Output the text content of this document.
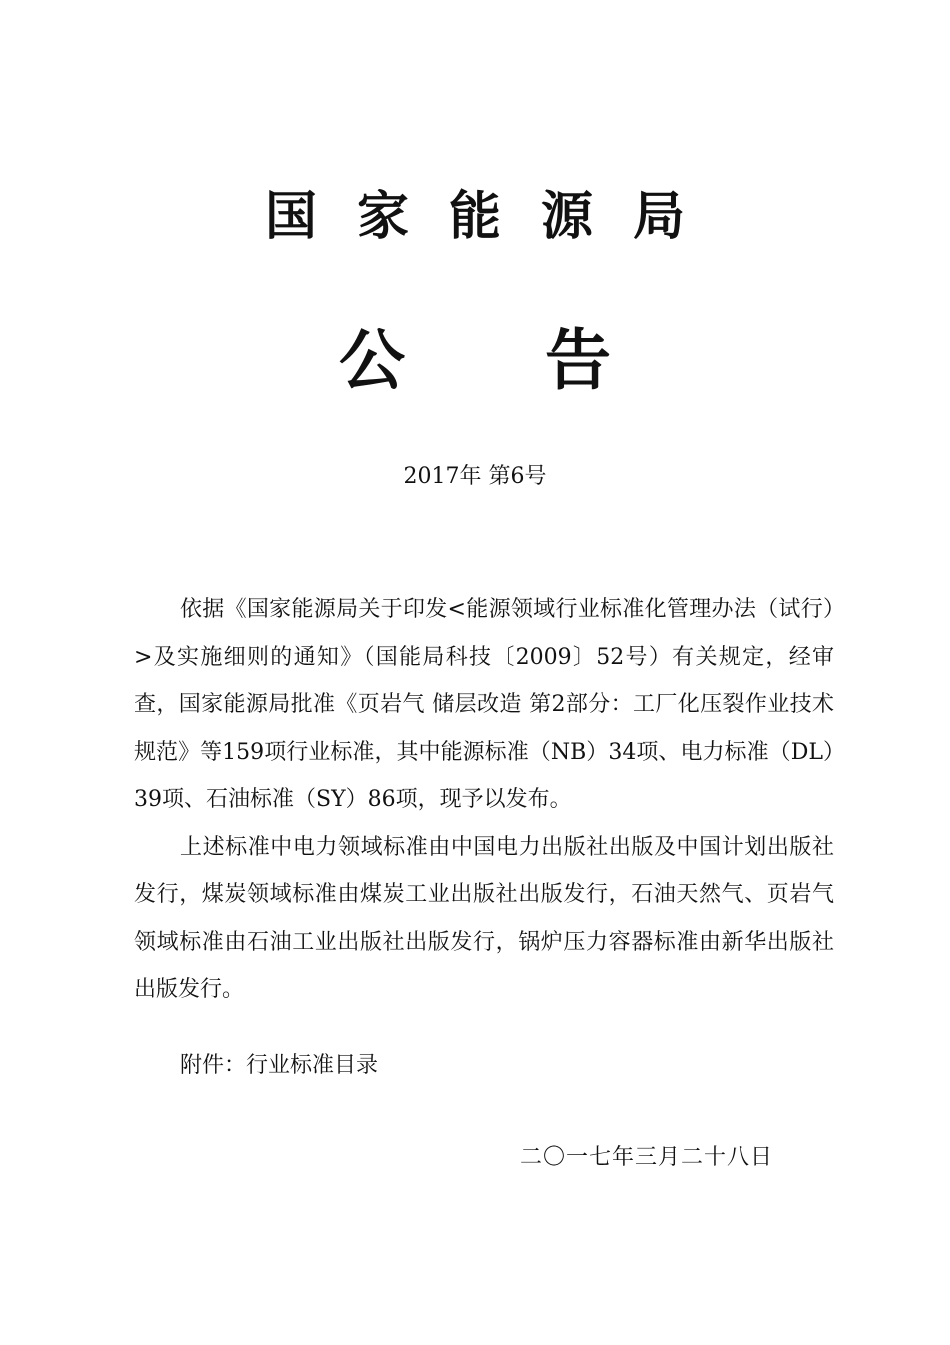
国家能源局
公告
2017年 第6号

依据《国家能源局关于印发<能源领域行业标准化管理办法（试行）>及实施细则的通知》（国能局科技〔2009〕52号）有关规定，经审查，国家能源局批准《页岩气 储层改造 第2部分：工厂化压裂作业技术规范》等159项行业标准，其中能源标准（NB）34项、电力标准（DL）39项、石油标准（SY）86项，现予以发布。

上述标准中电力领域标准由中国电力出版社出版及中国计划出版社发行，煤炭领域标准由煤炭工业出版社出版发行，石油天然气、页岩气领域标准由石油工业出版社出版发行，锅炉压力容器标准由新华出版社出版发行。

附件：行业标准目录
二〇一七年三月二十八日
